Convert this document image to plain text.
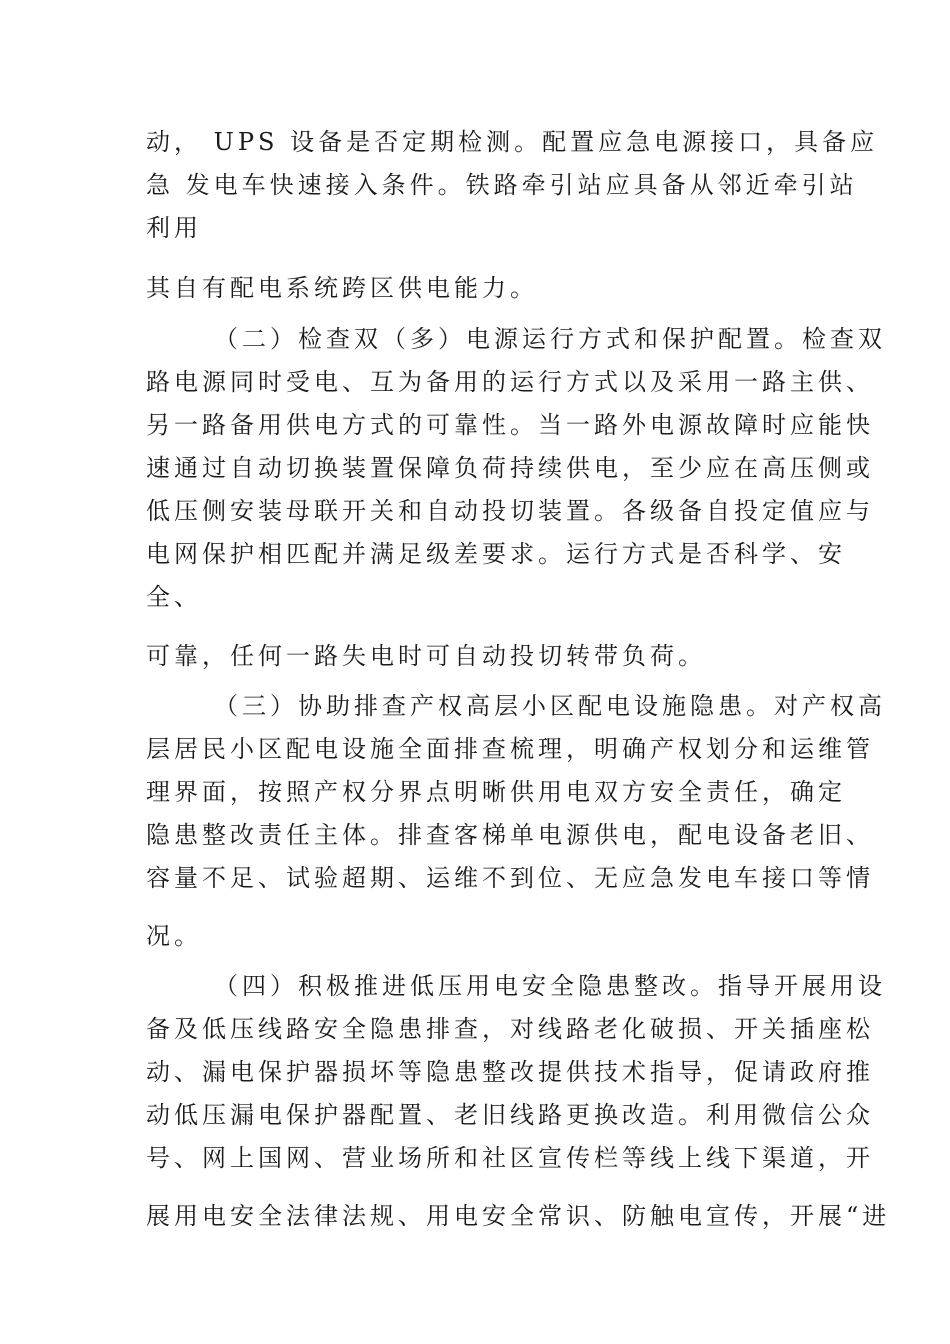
动， UPS 设备是否定期检测。配置应急电源接口，具备应
急 发电车快速接入条件。铁路牵引站应具备从邻近牵引站
利用
其自有配电系统跨区供电能力。
（二）检查双（多）电源运行方式和保护配置。检查双
路电源同时受电、互为备用的运行方式以及采用一路主供、
另一路备用供电方式的可靠性。当一路外电源故障时应能快
速通过自动切换装置保障负荷持续供电，至少应在高压侧或
低压侧安装母联开关和自动投切装置。各级备自投定值应与
电网保护相匹配并满足级差要求。运行方式是否科学、安
全、
可靠，任何一路失电时可自动投切转带负荷。
（三）协助排查产权高层小区配电设施隐患。对产权高
层居民小区配电设施全面排查梳理，明确产权划分和运维管
理界面，按照产权分界点明晰供用电双方安全责任，确定
隐患整改责任主体。排查客梯单电源供电，配电设备老旧、
容量不足、试验超期、运维不到位、无应急发电车接口等情
况。
（四）积极推进低压用电安全隐患整改。指导开展用设
备及低压线路安全隐患排查，对线路老化破损、开关插座松
动、漏电保护器损坏等隐患整改提供技术指导，促请政府推
动低压漏电保护器配置、老旧线路更换改造。利用微信公众
号、网上国网、营业场所和社区宣传栏等线上线下渠道，开
展用电安全法律法规、用电安全常识、防触电宣传，开展“进
